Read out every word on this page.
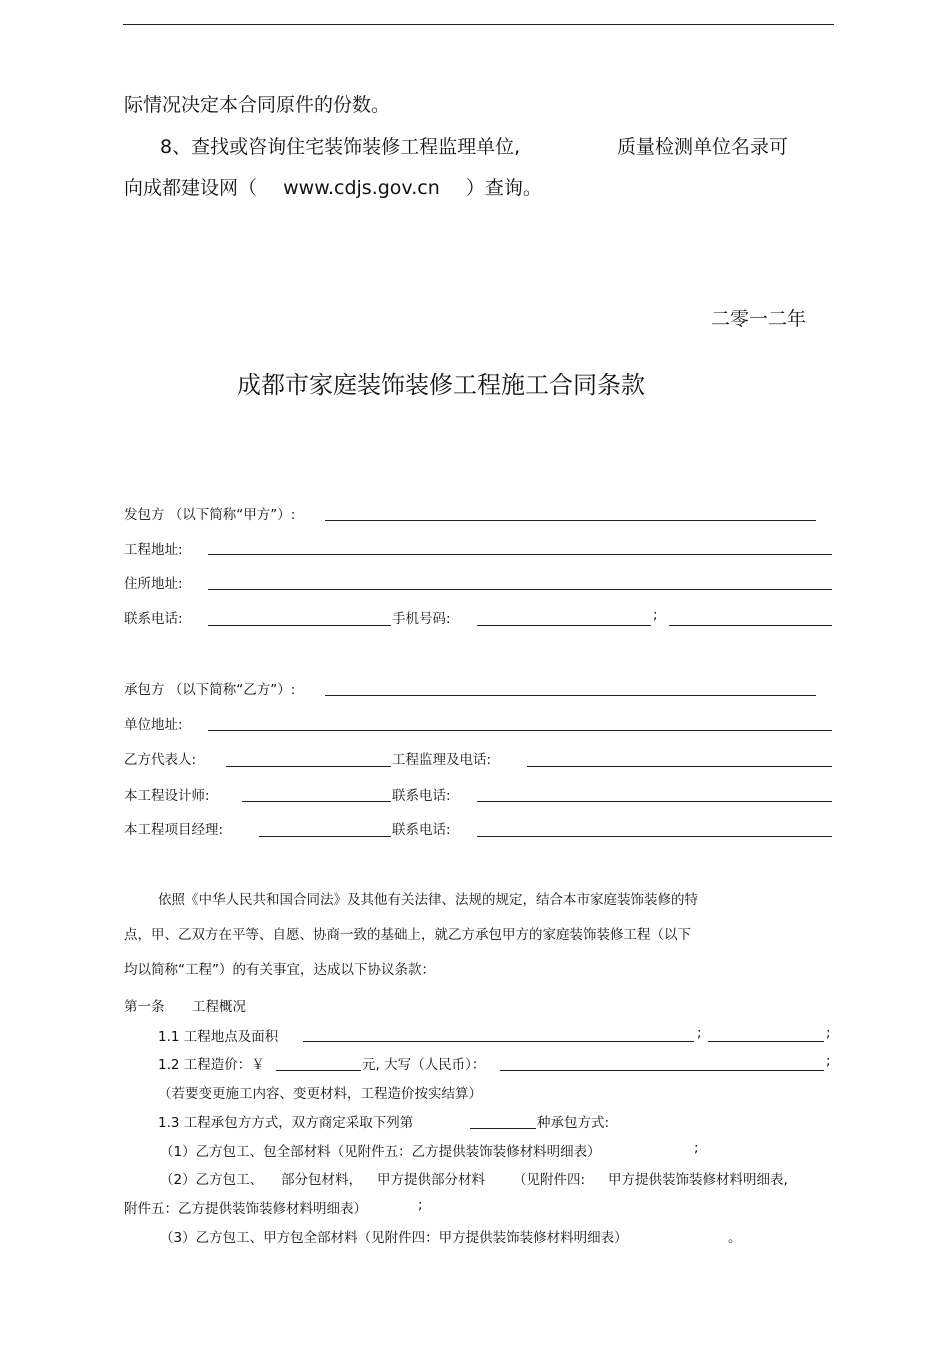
际情况决定本合同原件的份数。
8、查找或咨询住宅装饰装修工程监理单位,	质量检测单位名录可
向成都建设网（ www.cdjs.gov.cn ）查询。
二零一二年
成都市家庭装饰装修工程施工合同条款
发包方 （以下简称“甲方”）:
工程地址:
住所地址:
联系电话:	手机号码:	;
承包方 （以下简称“乙方”）:
单位地址:
乙方代表人:	工程监理及电话:
本工程设计师:	联系电话:
本工程项目经理:	联系电话:
依照《中华人民共和国合同法》及其他有关法律、法规的规定，结合本市家庭装饰装修的特
点，甲、乙双方在平等、自愿、协商一致的基础上，就乙方承包甲方的家庭装饰装修工程（以下
均以简称“工程”）的有关事宜，达成以下协议条款：
第一条 工程概况
1.1 工程地点及面积	;	;
1.2 工程造价：￥	元, 大写（人民币）：	;
（若要变更施工内容、变更材料，工程造价按实结算）
1.3 工程承包方方式，双方商定采取下列第	种承包方式:
（1）乙方包工、包全部材料（见附件五：乙方提供装饰装修材料明细表）	;
（2）乙方包工、 部分包材料， 甲方提供部分材料 （见附件四: 甲方提供装饰装修材料明细表,
附件五：乙方提供装饰装修材料明细表）	;
（3）乙方包工、甲方包全部材料（见附件四：甲方提供装饰装修材料明细表）	。
